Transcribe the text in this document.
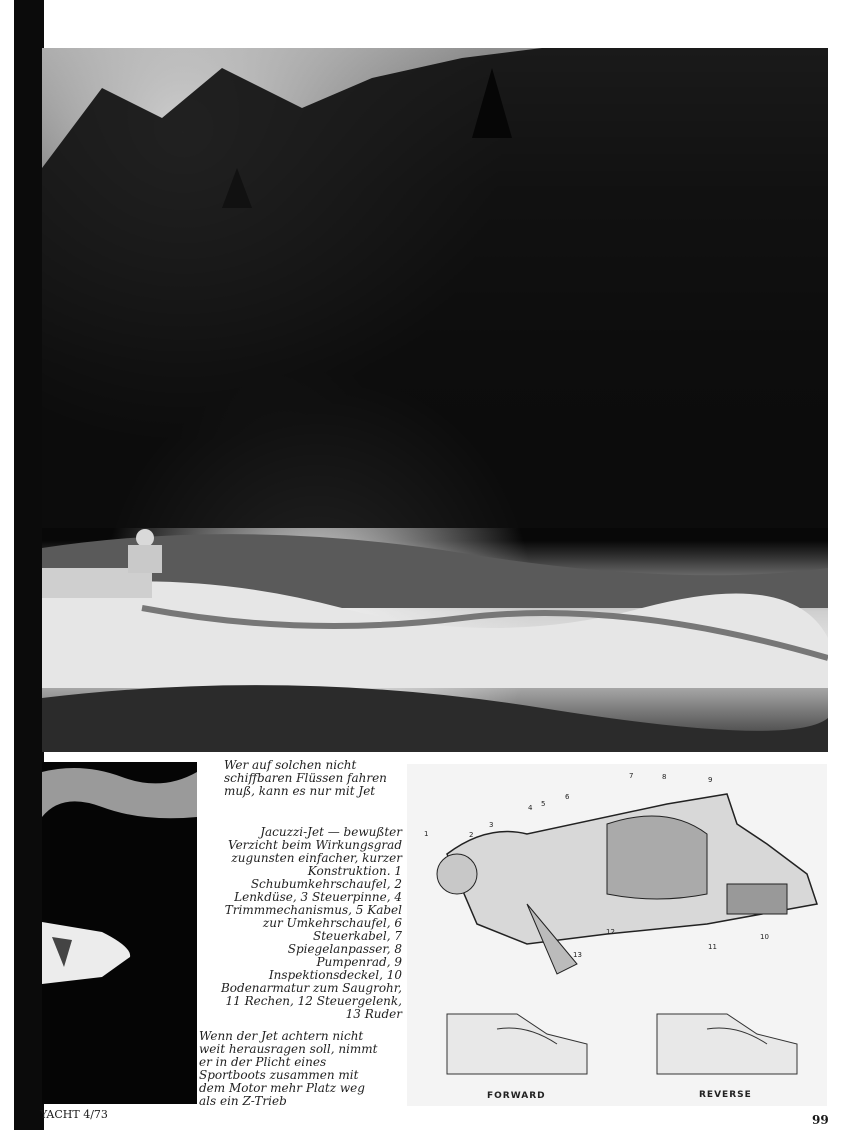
Wer auf solchen nicht schiffbaren Flüssen fahren muß, kann es nur mit Jet
Jacuzzi-Jet — bewußter Verzicht beim Wirkungsgrad zugunsten einfacher, kurzer Konstruktion. 1 Schubumkehrschaufel, 2 Lenkdüse, 3 Steuerpinne, 4 Trimmmechanismus, 5 Kabel zur Umkehrschaufel, 6 Steuerkabel, 7 Spiegelanpasser, 8 Pumpenrad, 9 Inspektionsdeckel, 10 Bodenarmatur zum Saugrohr, 11 Rechen, 12 Steuergelenk, 13 Ruder
Wenn der Jet achtern nicht weit herausragen soll, nimmt er in der Plicht eines Sportboots zusammen mit dem Motor mehr Platz weg als ein Z-Trieb
1	2
3
4 5
6
7	8	9
10
11
12
13
FORWARD	REVERSE
YACHT 4/73	99
